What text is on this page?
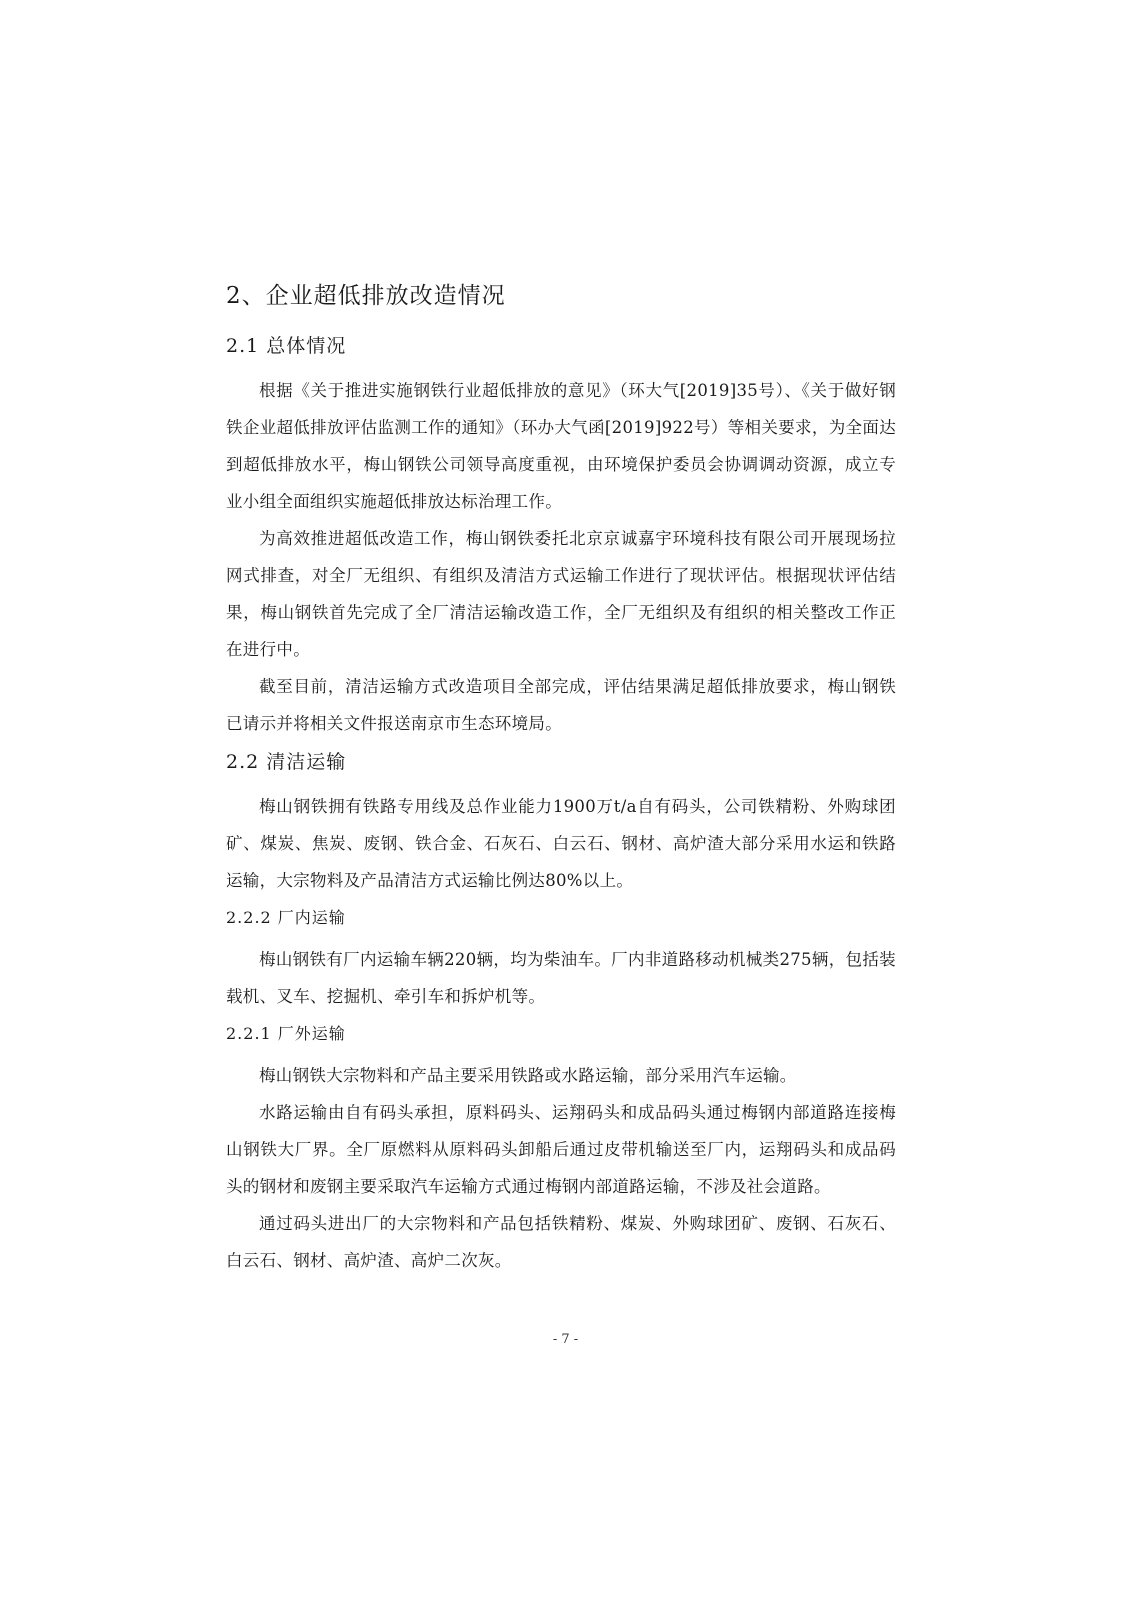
2、企业超低排放改造情况
2.1 总体情况

根据《关于推进实施钢铁行业超低排放的意见》（环大气[2019]35号）、《关于做好钢铁企业超低排放评估监测工作的通知》（环办大气函[2019]922号）等相关要求，为全面达到超低排放水平，梅山钢铁公司领导高度重视，由环境保护委员会协调调动资源，成立专业小组全面组织实施超低排放达标治理工作。

为高效推进超低改造工作，梅山钢铁委托北京京诚嘉宇环境科技有限公司开展现场拉网式排查，对全厂无组织、有组织及清洁方式运输工作进行了现状评估。根据现状评估结果，梅山钢铁首先完成了全厂清洁运输改造工作，全厂无组织及有组织的相关整改工作正在进行中。

截至目前，清洁运输方式改造项目全部完成，评估结果满足超低排放要求，梅山钢铁已请示并将相关文件报送南京市生态环境局。

2.2 清洁运输

梅山钢铁拥有铁路专用线及总作业能力1900万t/a自有码头，公司铁精粉、外购球团矿、煤炭、焦炭、废钢、铁合金、石灰石、白云石、钢材、高炉渣大部分采用水运和铁路运输，大宗物料及产品清洁方式运输比例达80%以上。

2.2.2 厂内运输

梅山钢铁有厂内运输车辆220辆，均为柴油车。厂内非道路移动机械类275辆，包括装载机、叉车、挖掘机、牵引车和拆炉机等。

2.2.1 厂外运输

梅山钢铁大宗物料和产品主要采用铁路或水路运输，部分采用汽车运输。

水路运输由自有码头承担，原料码头、运翔码头和成品码头通过梅钢内部道路连接梅山钢铁大厂界。全厂原燃料从原料码头卸船后通过皮带机输送至厂内，运翔码头和成品码头的钢材和废钢主要采取汽车运输方式通过梅钢内部道路运输，不涉及社会道路。

通过码头进出厂的大宗物料和产品包括铁精粉、煤炭、外购球团矿、废钢、石灰石、白云石、钢材、高炉渣、高炉二次灰。

- 7 -
